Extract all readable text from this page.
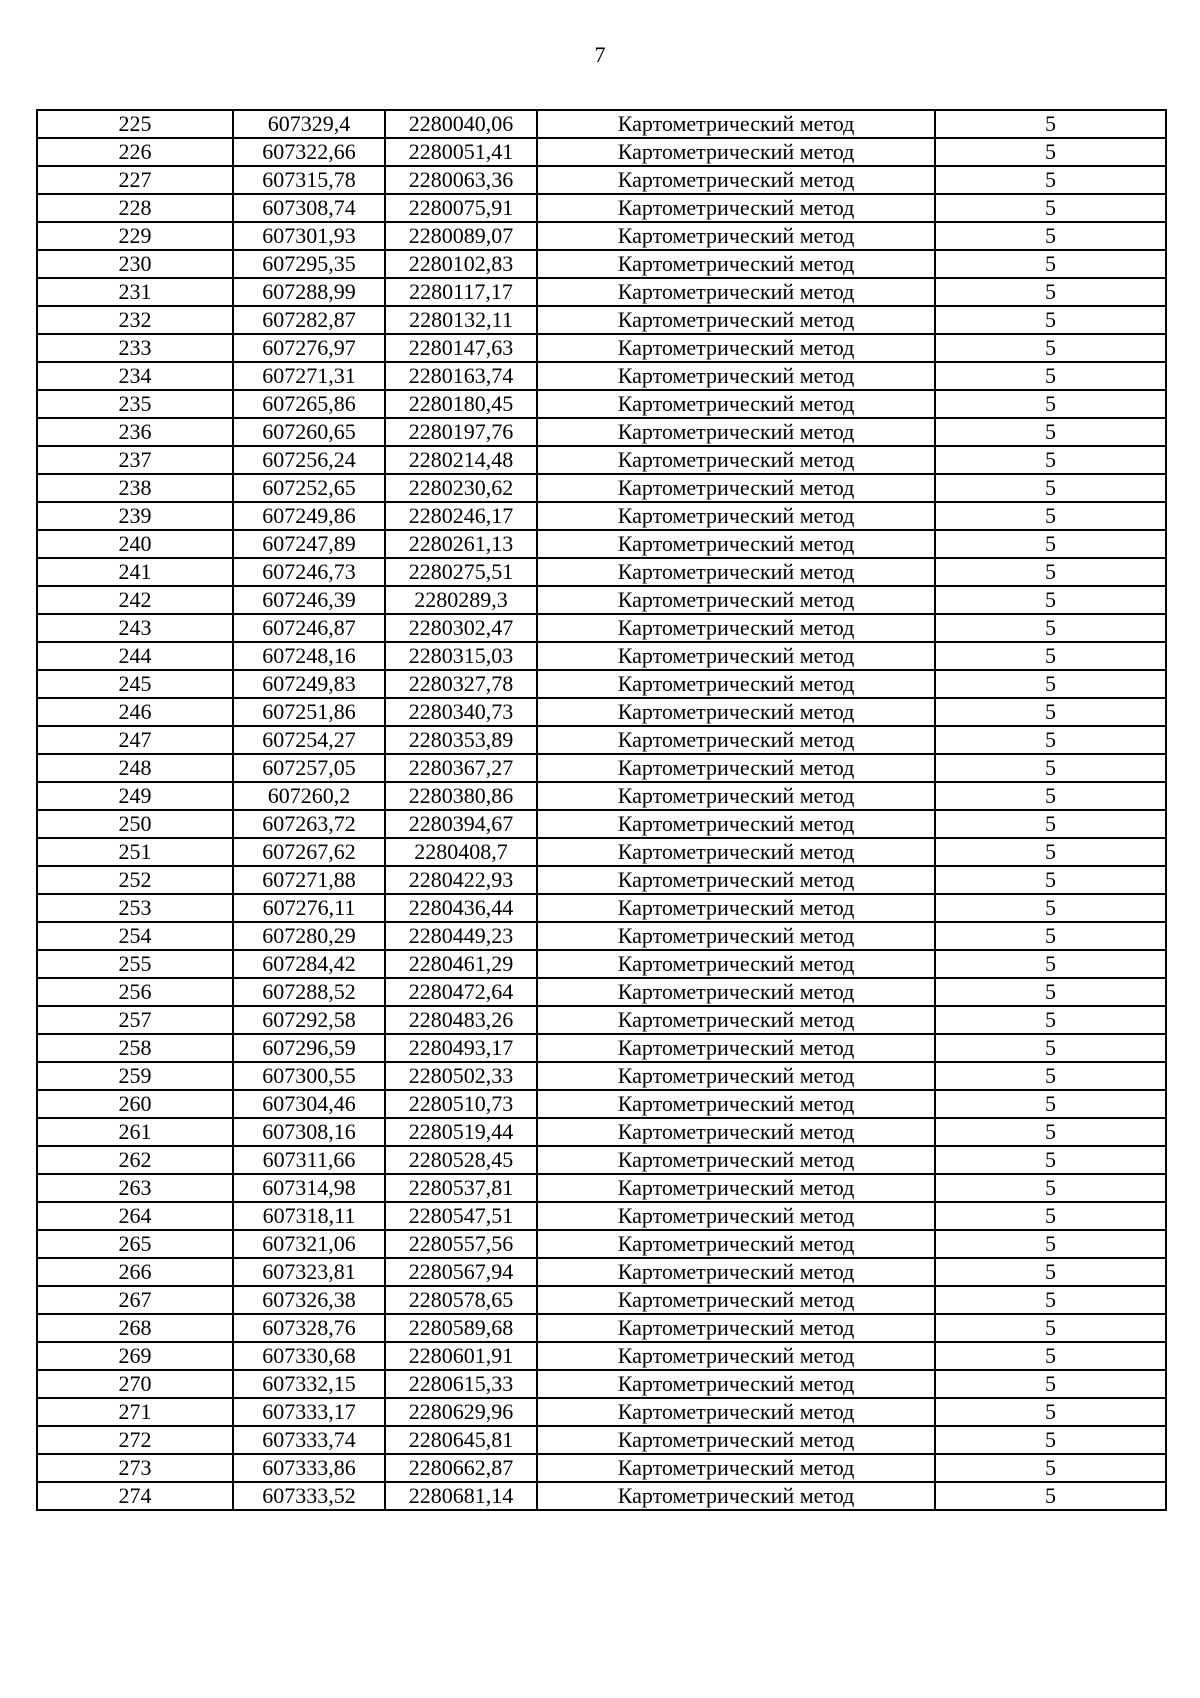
7
225	607329,4	2280040,06	Картометрический метод	5
226	607322,66	2280051,41	Картометрический метод	5
227	607315,78	2280063,36	Картометрический метод	5
228	607308,74	2280075,91	Картометрический метод	5
229	607301,93	2280089,07	Картометрический метод	5
230	607295,35	2280102,83	Картометрический метод	5
231	607288,99	2280117,17	Картометрический метод	5
232	607282,87	2280132,11	Картометрический метод	5
233	607276,97	2280147,63	Картометрический метод	5
234	607271,31	2280163,74	Картометрический метод	5
235	607265,86	2280180,45	Картометрический метод	5
236	607260,65	2280197,76	Картометрический метод	5
237	607256,24	2280214,48	Картометрический метод	5
238	607252,65	2280230,62	Картометрический метод	5
239	607249,86	2280246,17	Картометрический метод	5
240	607247,89	2280261,13	Картометрический метод	5
241	607246,73	2280275,51	Картометрический метод	5
242	607246,39	2280289,3	Картометрический метод	5
243	607246,87	2280302,47	Картометрический метод	5
244	607248,16	2280315,03	Картометрический метод	5
245	607249,83	2280327,78	Картометрический метод	5
246	607251,86	2280340,73	Картометрический метод	5
247	607254,27	2280353,89	Картометрический метод	5
248	607257,05	2280367,27	Картометрический метод	5
249	607260,2	2280380,86	Картометрический метод	5
250	607263,72	2280394,67	Картометрический метод	5
251	607267,62	2280408,7	Картометрический метод	5
252	607271,88	2280422,93	Картометрический метод	5
253	607276,11	2280436,44	Картометрический метод	5
254	607280,29	2280449,23	Картометрический метод	5
255	607284,42	2280461,29	Картометрический метод	5
256	607288,52	2280472,64	Картометрический метод	5
257	607292,58	2280483,26	Картометрический метод	5
258	607296,59	2280493,17	Картометрический метод	5
259	607300,55	2280502,33	Картометрический метод	5
260	607304,46	2280510,73	Картометрический метод	5
261	607308,16	2280519,44	Картометрический метод	5
262	607311,66	2280528,45	Картометрический метод	5
263	607314,98	2280537,81	Картометрический метод	5
264	607318,11	2280547,51	Картометрический метод	5
265	607321,06	2280557,56	Картометрический метод	5
266	607323,81	2280567,94	Картометрический метод	5
267	607326,38	2280578,65	Картометрический метод	5
268	607328,76	2280589,68	Картометрический метод	5
269	607330,68	2280601,91	Картометрический метод	5
270	607332,15	2280615,33	Картометрический метод	5
271	607333,17	2280629,96	Картометрический метод	5
272	607333,74	2280645,81	Картометрический метод	5
273	607333,86	2280662,87	Картометрический метод	5
274	607333,52	2280681,14	Картометрический метод	5
